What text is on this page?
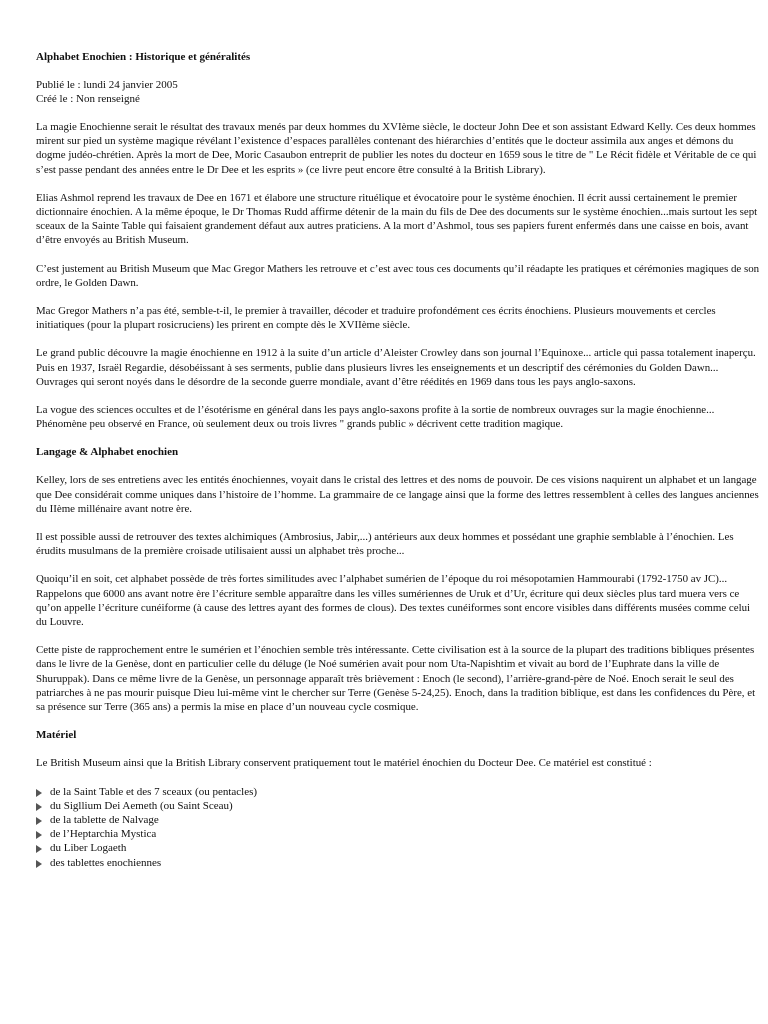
Alphabet Enochien : Historique et généralités
Publié le : lundi 24 janvier 2005
Créé le : Non renseigné

La magie Enochienne serait le résultat des travaux menés par deux hommes du XVIème siècle, le docteur John Dee et son assistant Edward Kelly. Ces deux hommes mirent sur pied un système magique révélant l’existence d’espaces parallèles contenant des hiérarchies d’entités que le docteur assimila aux anges et démons du dogme judéo-chrétien. Après la mort de Dee, Moric Casaubon entreprit de publier les notes du docteur en 1659 sous le titre de " Le Récit fidèle et Véritable de ce qui s’est passe pendant des années entre le Dr Dee et les esprits » (ce livre peut encore être consulté à la British Library).

Elias Ashmol reprend les travaux de Dee en 1671 et élabore une structure rituélique et évocatoire pour le système énochien. Il écrit aussi certainement le premier dictionnaire énochien. A la même époque, le Dr Thomas Rudd affirme détenir de la main du fils de Dee des documents sur le système énochien...mais surtout les sept sceaux de la Sainte Table qui faisaient grandement défaut aux autres praticiens. A la mort d’Ashmol, tous ses papiers furent enfermés dans une caisse en bois, avant d’être envoyés au British Museum.

C’est justement au British Museum que Mac Gregor Mathers les retrouve et c’est avec tous ces documents qu’il réadapte les pratiques et cérémonies magiques de son ordre, le Golden Dawn.

Mac Gregor Mathers n’a pas été, semble-t-il, le premier à travailler, décoder et traduire profondément ces écrits énochiens. Plusieurs mouvements et cercles initiatiques (pour la plupart rosicruciens) les prirent en compte dès le XVIIème siècle.

Le grand public découvre la magie énochienne en 1912 à la suite d’un article d’Aleister Crowley dans son journal l’Equinoxe... article qui passa totalement inaperçu. Puis en 1937, Israël Regardie, désobéissant à ses serments, publie dans plusieurs livres les enseignements et un descriptif des cérémonies du Golden Dawn... Ouvrages qui seront noyés dans le désordre de la seconde guerre mondiale, avant d’être réédités en 1969 dans tous les pays anglo-saxons.

La vogue des sciences occultes et de l’ésotérisme en général dans les pays anglo-saxons profite à la sortie de nombreux ouvrages sur la magie énochienne... Phénomène peu observé en France, où seulement deux ou trois livres " grands public » décrivent cette tradition magique.

Langage & Alphabet enochien

Kelley, lors de ses entretiens avec les entités énochiennes, voyait dans le cristal des lettres et des noms de pouvoir. De ces visions naquirent un alphabet et un langage que Dee considérait comme uniques dans l’histoire de l’homme. La grammaire de ce langage ainsi que la forme des lettres ressemblent à celles des langues anciennes du IIème millénaire avant notre ère.

Il est possible aussi de retrouver des textes alchimiques (Ambrosius, Jabir,...) antérieurs aux deux hommes et possédant une graphie semblable à l’énochien. Les érudits musulmans de la première croisade utilisaient aussi un alphabet très proche...

Quoiqu’il en soit, cet alphabet possède de très fortes similitudes avec l’alphabet sumérien de l’époque du roi mésopotamien Hammourabi (1792-1750 av JC)... Rappelons que 6000 ans avant notre ère l’écriture semble apparaître dans les villes sumériennes de Uruk et d’Ur, écriture qui deux siècles plus tard muera vers ce qu’on appelle l’écriture cunéiforme (à cause des lettres ayant des formes de clous). Des textes cunéiformes sont encore visibles dans différents musées comme celui du Louvre.

Cette piste de rapprochement entre le sumérien et l’énochien semble très intéressante. Cette civilisation est à la source de la plupart des traditions bibliques présentes dans le livre de la Genèse, dont en particulier celle du déluge (le Noé sumérien avait pour nom Uta-Napishtim et vivait au bord de l’Euphrate dans la ville de Shuruppak). Dans ce même livre de la Genèse, un personnage apparaît très brièvement : Enoch (le second), l’arrière-grand-père de Noé. Enoch serait le seul des patriarches à ne pas mourir puisque Dieu lui-même vint le chercher sur Terre (Genèse 5-24,25). Enoch, dans la tradition biblique, est dans les confidences du Père, et sa présence sur Terre (365 ans) a permis la mise en place d’un nouveau cycle cosmique.

Matériel

Le British Museum ainsi que la British Library conservent pratiquement tout le matériel énochien du Docteur Dee. Ce matériel est constitué :

de la Saint Table et des 7 sceaux (ou pentacles)
du Sigllium Dei Aemeth (ou Saint Sceau)
de la tablette de Nalvage
de l’Heptarchia Mystica
du Liber Logaeth
des tablettes enochiennes
